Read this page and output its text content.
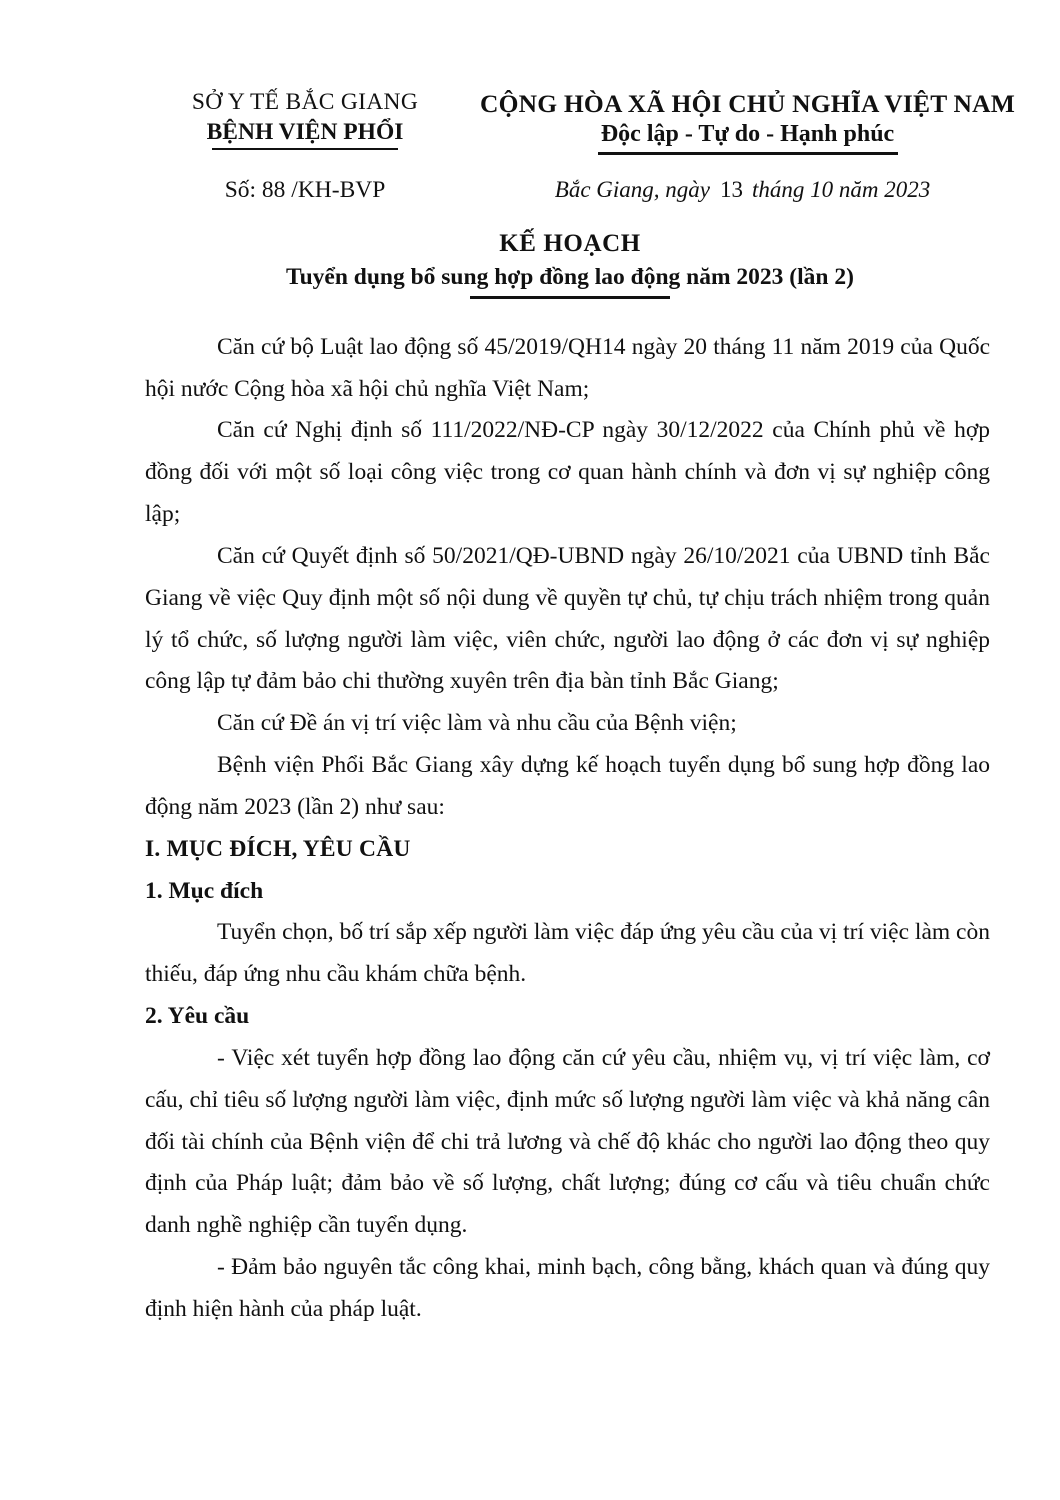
SỞ Y TẾ BẮC GIANG
BỆNH VIỆN PHỔI
CỘNG HÒA XÃ HỘI CHỦ NGHĨA VIỆT NAM
Độc lập - Tự do - Hạnh phúc
Số: 88 /KH-BVP	Bắc Giang, ngày 13 tháng 10 năm 2023
KẾ HOẠCH
Tuyển dụng bổ sung hợp đồng lao động năm 2023 (lần 2)

Căn cứ bộ Luật lao động số 45/2019/QH14 ngày 20 tháng 11 năm 2019 của Quốc hội nước Cộng hòa xã hội chủ nghĩa Việt Nam;

Căn cứ Nghị định số 111/2022/NĐ-CP ngày 30/12/2022 của Chính phủ về hợp đồng đối với một số loại công việc trong cơ quan hành chính và đơn vị sự nghiệp công lập;

Căn cứ Quyết định số 50/2021/QĐ-UBND ngày 26/10/2021 của UBND tỉnh Bắc Giang về việc Quy định một số nội dung về quyền tự chủ, tự chịu trách nhiệm trong quản lý tổ chức, số lượng người làm việc, viên chức, người lao động ở các đơn vị sự nghiệp công lập tự đảm bảo chi thường xuyên trên địa bàn tỉnh Bắc Giang;

Căn cứ Đề án vị trí việc làm và nhu cầu của Bệnh viện;

Bệnh viện Phổi Bắc Giang xây dựng kế hoạch tuyển dụng bổ sung hợp đồng lao động năm 2023 (lần 2) như sau:

I. MỤC ĐÍCH, YÊU CẦU
1. Mục đích

Tuyển chọn, bố trí sắp xếp người làm việc đáp ứng yêu cầu của vị trí việc làm còn thiếu, đáp ứng nhu cầu khám chữa bệnh.

2. Yêu cầu

- Việc xét tuyển hợp đồng lao động căn cứ yêu cầu, nhiệm vụ, vị trí việc làm, cơ cấu, chỉ tiêu số lượng người làm việc, định mức số lượng người làm việc và khả năng cân đối tài chính của Bệnh viện để chi trả lương và chế độ khác cho người lao động theo quy định của Pháp luật; đảm bảo về số lượng, chất lượng; đúng cơ cấu và tiêu chuẩn chức danh nghề nghiệp cần tuyển dụng.

- Đảm bảo nguyên tắc công khai, minh bạch, công bằng, khách quan và đúng quy định hiện hành của pháp luật.
